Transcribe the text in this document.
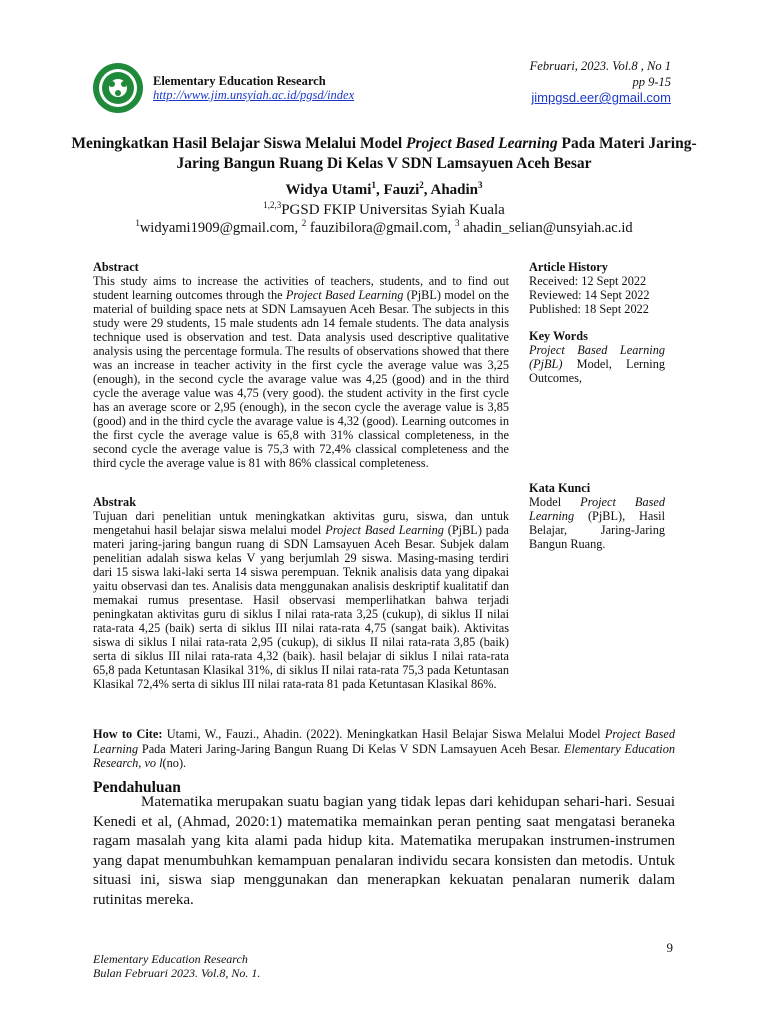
Elementary Education Research
http://www.jim.unsyiah.ac.id/pgsd/index
Februari, 2023. Vol.8 , No 1
pp 9-15
jimpgsd.eer@gmail.com
Meningkatkan Hasil Belajar Siswa Melalui Model Project Based Learning Pada Materi Jaring-Jaring Bangun Ruang Di Kelas V SDN Lamsayuen Aceh Besar
Widya Utami$^1$, Fauzi$^2$, Ahadin$^3$
$^{1,2,3}$PGSD FKIP Universitas Syiah Kuala
$^1$widyami1909@gmail.com, $^2$ fauzibilora@gmail.com, $^3$ ahadin_selian@unsyiah.ac.id
Abstract
This study aims to increase the activities of teachers, students, and to find out student learning outcomes through the Project Based Learning (PjBL) model on the material of building space nets at SDN Lamsayuen Aceh Besar. The subjects in this study were 29 students, 15 male students adn 14 female students. The data analysis technique used is observation and test. Data analysis used descriptive qualitative analysis using the percentage formula. The results of observations showed that there was an increase in teacher activity in the first cycle the average value was 3,25 (enough), in the second cycle the avarage value was 4,25 (good) and in the third cycle the average value was 4,75 (very good). the student activity in the first cycle has an average score or 2,95 (enough), in the secon cycle the average value is 3,85 (good) and in the third cycle the avarage value is 4,32 (good). Learning outcomes in the first cycle the average value is 65,8 with 31% classical completeness, in the second cycle the average value is 75,3 with 72,4% classical completeness and the third cycle the average value is 81 with 86% classical completeness.
Abstrak
Tujuan dari penelitian untuk meningkatkan aktivitas guru, siswa, dan untuk mengetahui hasil belajar siswa melalui model Project Based Learning (PjBL) pada materi jaring-jaring bangun ruang di SDN Lamsayuen Aceh Besar. Subjek dalam penelitian adalah siswa kelas V yang berjumlah 29 siswa. Masing-masing terdiri dari 15 siswa laki-laki serta 14 siswa perempuan. Teknik analisis data yang dipakai yaitu observasi dan tes. Analisis data menggunakan analisis deskriptif kualitatif dan memakai rumus presentase. Hasil observasi memperlihatkan bahwa terjadi peningkatan aktivitas guru di siklus I nilai rata-rata 3,25 (cukup), di siklus II nilai rata-rata 4,25 (baik) serta di siklus III nilai rata-rata 4,75 (sangat baik). Aktivitas siswa di siklus I nilai rata-rata 2,95 (cukup), di siklus II nilai rata-rata 3,85 (baik) serta di siklus III nilai rata-rata 4,32 (baik). hasil belajar di siklus I nilai rata-rata 65,8 pada Ketuntasan Klasikal 31%, di siklus II nilai rata-rata 75,3 pada Ketuntasan Klasikal 72,4% serta di siklus III nilai rata-rata 81 pada Ketuntasan Klasikal 86%.
Article History
Received: 12 Sept 2022
Reviewed: 14 Sept 2022
Published: 18 Sept 2022
Key Words
Project Based Learning (PjBL) Model, Lerning Outcomes,
Kata Kunci
Model Project Based Learning (PjBL), Hasil Belajar, Jaring-Jaring Bangun Ruang.
How to Cite: Utami, W., Fauzi., Ahadin. (2022). Meningkatkan Hasil Belajar Siswa Melalui Model Project Based Learning Pada Materi Jaring-Jaring Bangun Ruang Di Kelas V SDN Lamsayuen Aceh Besar. Elementary Education Research, vo l(no).
Pendahuluan
Matematika merupakan suatu bagian yang tidak lepas dari kehidupan sehari-hari. Sesuai Kenedi et al, (Ahmad, 2020:1) matematika memainkan peran penting saat mengatasi beraneka ragam masalah yang kita alami pada hidup kita. Matematika merupakan instrumen-instrumen yang dapat menumbuhkan kemampuan penalaran individu secara konsisten dan metodis. Untuk situasi ini, siswa siap menggunakan dan menerapkan kekuatan penalaran numerik dalam rutinitas mereka.
9
Elementary Education Research
Bulan Februari 2023. Vol.8, No. 1.
